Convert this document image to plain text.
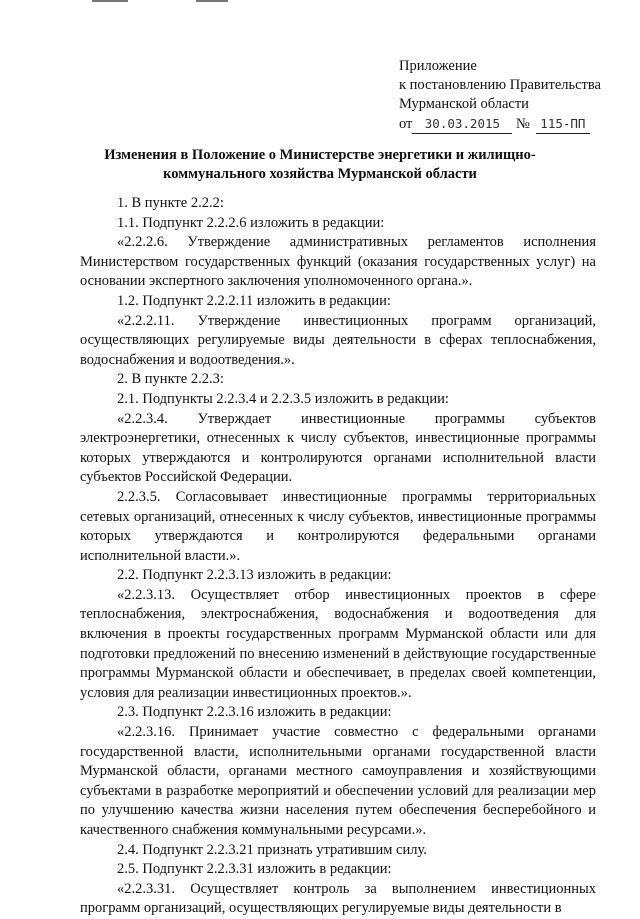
Приложение
к постановлению Правительства
Мурманской области
от 30.03.2015 № 115-ПП
Изменения в Положение о Министерстве энергетики и жилищно-
коммунального хозяйства Мурманской области

1. В пункте 2.2.2:

1.1. Подпункт 2.2.2.6 изложить в редакции:

«2.2.2.6. Утверждение административных регламентов исполнения Министерством государственных функций (оказания государственных услуг) на основании экспертного заключения уполномоченного органа.».

1.2. Подпункт 2.2.2.11 изложить в редакции:

«2.2.2.11. Утверждение инвестиционных программ организаций, осуществляющих регулируемые виды деятельности в сферах теплоснабжения, водоснабжения и водоотведения.».

2. В пункте 2.2.3:

2.1. Подпункты 2.2.3.4 и 2.2.3.5 изложить в редакции:

«2.2.3.4. Утверждает инвестиционные программы субъектов электроэнергетики, отнесенных к числу субъектов, инвестиционные программы которых утверждаются и контролируются органами исполнительной власти субъектов Российской Федерации.

2.2.3.5. Согласовывает инвестиционные программы территориальных сетевых организаций, отнесенных к числу субъектов, инвестиционные программы которых утверждаются и контролируются федеральными органами исполнительной власти.».

2.2. Подпункт 2.2.3.13 изложить в редакции:

«2.2.3.13. Осуществляет отбор инвестиционных проектов в сфере теплоснабжения, электроснабжения, водоснабжения и водоотведения для включения в проекты государственных программ Мурманской области или для подготовки предложений по внесению изменений в действующие государственные программы Мурманской области и обеспечивает, в пределах своей компетенции, условия для реализации инвестиционных проектов.».

2.3. Подпункт 2.2.3.16 изложить в редакции:

«2.2.3.16. Принимает участие совместно с федеральными органами государственной власти, исполнительными органами государственной власти Мурманской области, органами местного самоуправления и хозяйствующими субъектами в разработке мероприятий и обеспечении условий для реализации мер по улучшению качества жизни населения путем обеспечения бесперебойного и качественного снабжения коммунальными ресурсами.».

2.4. Подпункт 2.2.3.21 признать утратившим силу.

2.5. Подпункт 2.2.3.31 изложить в редакции:

«2.2.3.31. Осуществляет контроль за выполнением инвестиционных программ организаций, осуществляющих регулируемые виды деятельности в
